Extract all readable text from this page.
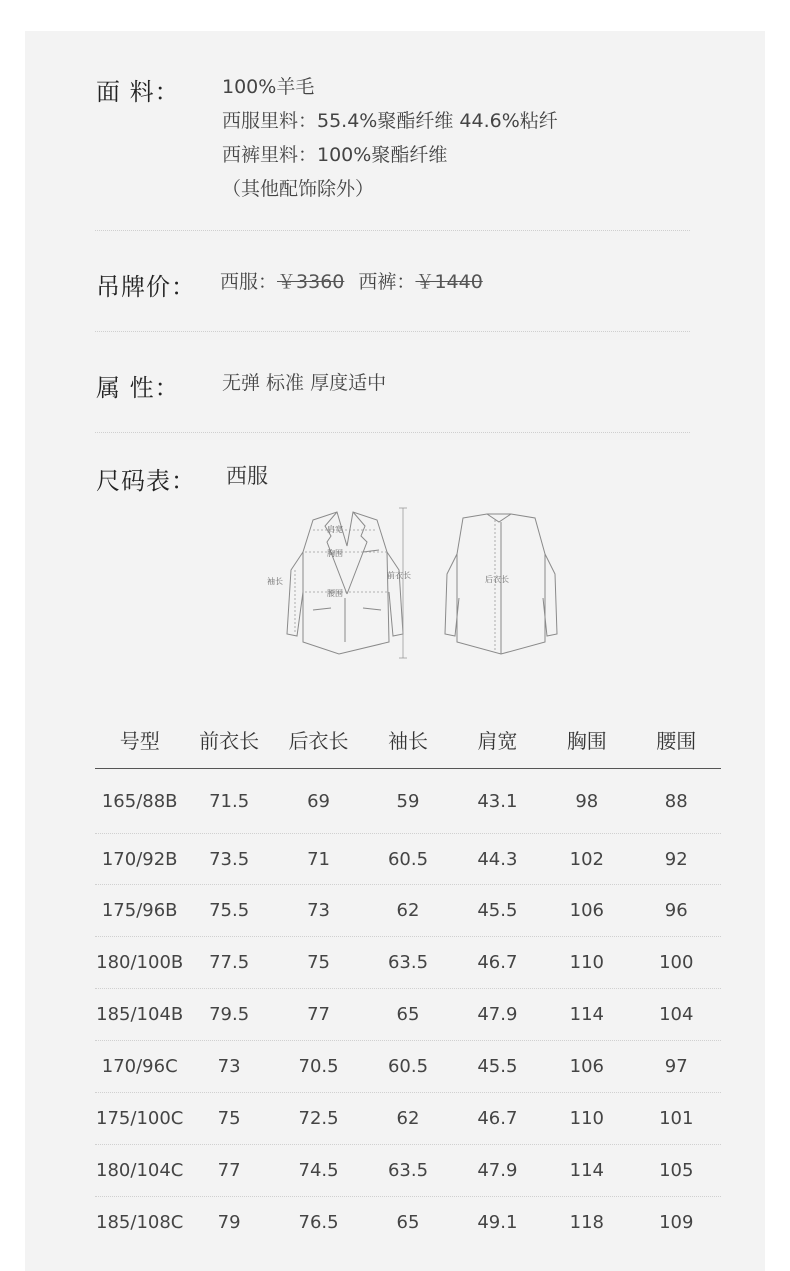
面 料： 100%羊毛
西服里料：55.4%聚酯纤维 44.6%粘纤
西裤里料：100%聚酯纤维
（其他配饰除外）
吊牌价： 西服：￥3360 西裤：￥1440
属 性： 无弹 标准 厚度适中
尺码表： 西服
肩宽
胸围
腰围
袖长
前衣长	后衣长
号型	前衣长	后衣长	袖长	肩宽	胸围	腰围
165/88B	71.5	69	59	43.1	98	88
170/92B	73.5	71	60.5	44.3	102	92
175/96B	75.5	73	62	45.5	106	96
180/100B	77.5	75	63.5	46.7	110	100
185/104B	79.5	77	65	47.9	114	104
170/96C	73	70.5	60.5	45.5	106	97
175/100C	75	72.5	62	46.7	110	101
180/104C	77	74.5	63.5	47.9	114	105
185/108C	79	76.5	65	49.1	118	109
